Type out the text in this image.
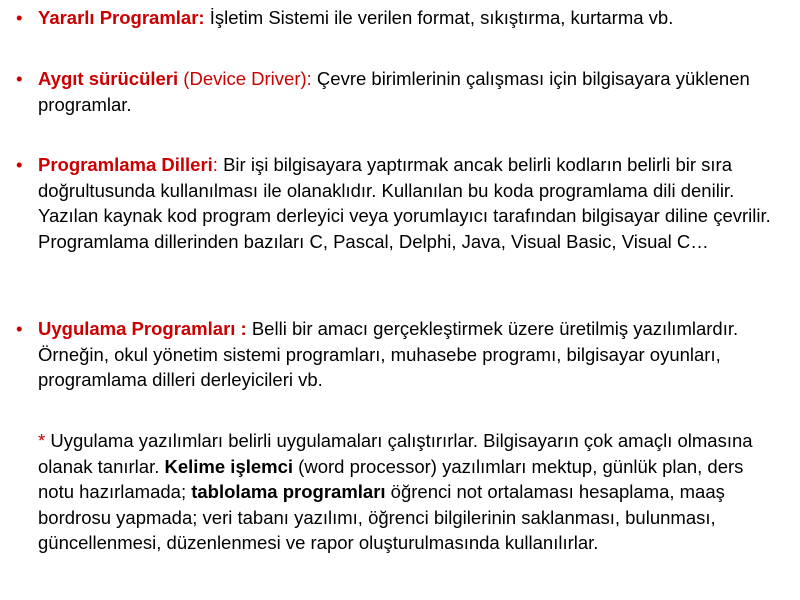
• Yararlı Programlar: İşletim Sistemi ile verilen format, sıkıştırma, kurtarma vb.
• Aygıt sürücüleri (Device Driver): Çevre birimlerinin çalışması için bilgisayara yüklenen programlar.
• Programlama Dilleri: Bir işi bilgisayara yaptırmak ancak belirli kodların belirli bir sıra doğrultusunda kullanılması ile olanaklıdır. Kullanılan bu koda programlama dili denilir. Yazılan kaynak kod program derleyici veya yorumlayıcı tarafından bilgisayar diline çevrilir. Programlama dillerinden bazıları C, Pascal, Delphi, Java, Visual Basic, Visual C…
• Uygulama Programları : Belli bir amacı gerçekleştirmek üzere üretilmiş yazılımlardır. Örneğin, okul yönetim sistemi programları, muhasebe programı, bilgisayar oyunları, programlama dilleri derleyicileri vb.
* Uygulama yazılımları belirli uygulamaları çalıştırırlar. Bilgisayarın çok amaçlı olmasına olanak tanırlar. Kelime işlemci (word processor) yazılımları mektup, günlük plan, ders notu hazırlamada; tablolama programları öğrenci not ortalaması hesaplama, maaş bordrosu yapmada; veri tabanı yazılımı, öğrenci bilgilerinin saklanması, bulunması, güncellenmesi, düzenlenmesi ve rapor oluşturulmasında kullanılırlar.
